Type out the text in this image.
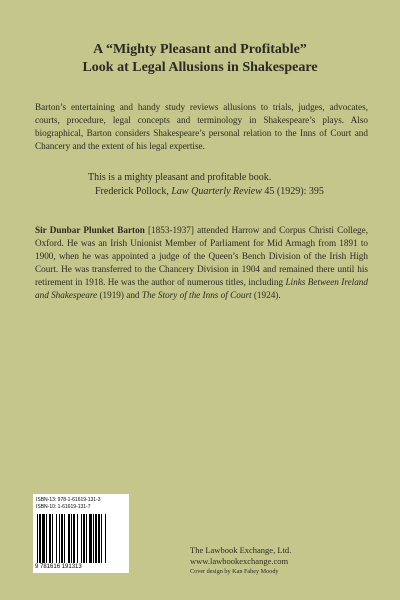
A “Mighty Pleasant and Profitable”
Look at Legal Allusions in Shakespeare
Barton’s entertaining and handy study reviews allusions to trials, judges, advocates, courts, procedure, legal concepts and terminology in Shakespeare’s plays. Also biographical, Barton considers Shakespeare’s personal relation to the Inns of Court and Chancery and the extent of his legal expertise.
This is a mighty pleasant and profitable book.
Frederick Pollock, Law Quarterly Review 45 (1929): 395
Sir Dunbar Plunket Barton [1853-1937] attended Harrow and Corpus Christi College, Oxford. He was an Irish Unionist Member of Parliament for Mid Armagh from 1891 to 1900, when he was appointed a judge of the Queen’s Bench Division of the Irish High Court. He was transferred to the Chancery Division in 1904 and remained there until his retirement in 1918. He was the author of numerous titles, including Links Between Ireland and Shakespeare (1919) and The Story of the Inns of Court (1924).
ISBN-13: 978-1-61619-131-3
ISBN-10: 1-61619-131-7
9 781616 191313
The Lawbook Exchange, Ltd.
www.lawbookexchange.com
Cover design by Kan Fahey Moody
